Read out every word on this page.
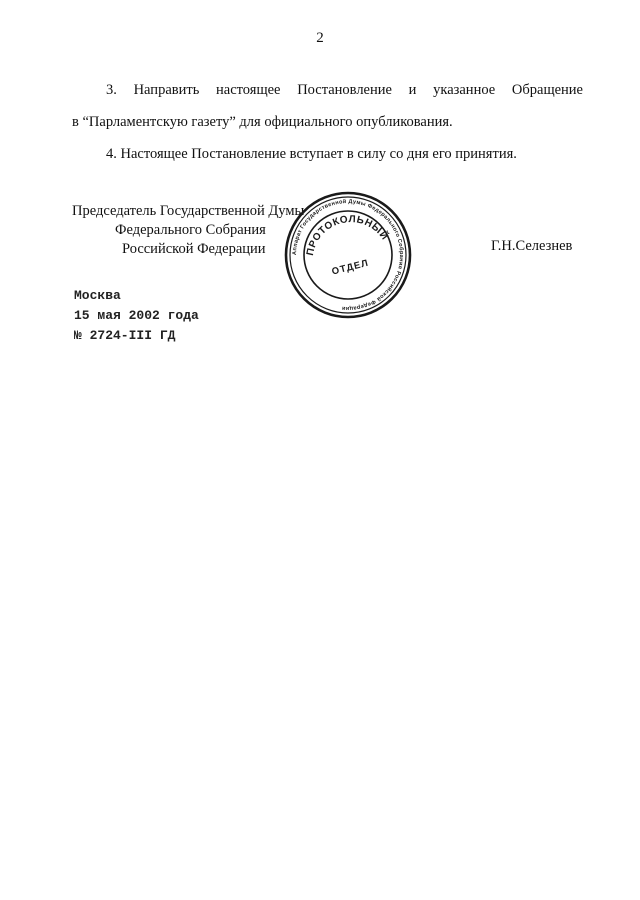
2
3. Направить настоящее Постановление и указанное Обращение
в “Парламентскую газету” для официального опубликования.
4. Настоящее Постановление вступает в силу со дня его принятия.
Председатель Государственной Думы
Федерального Собрания
Российской Федерации	Аппарат Государственной Думы Федерального Собрания Российской Федерации
ПРОТОКОЛЬНЫЙ
ОТДЕЛ
Г.Н.Селезнев
Москва
15 мая 2002 года
№ 2724-III ГД
